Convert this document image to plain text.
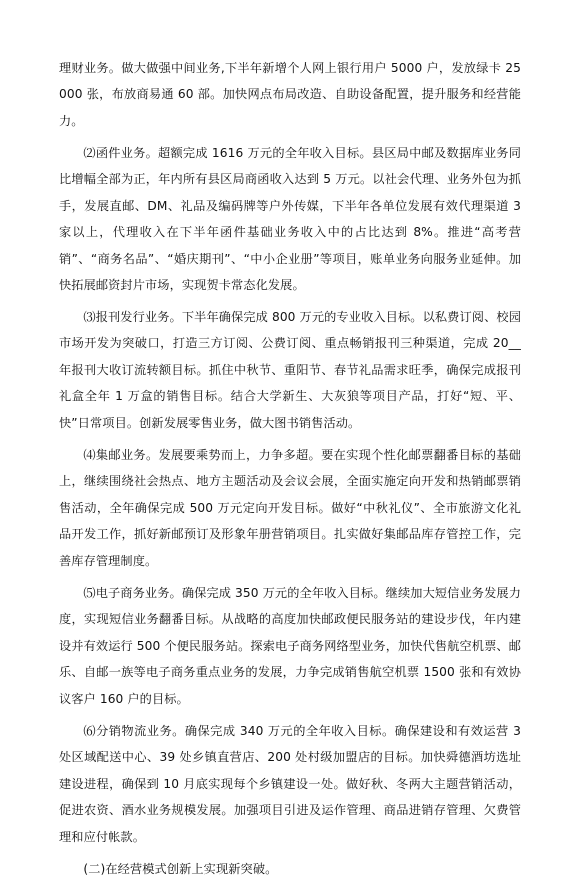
理财业务。做大做强中间业务,下半年新增个人网上银行用户 5000 户，发放绿卡 25000 张，布放商易通 60 部。加快网点布局改造、自助设备配置，提升服务和经营能力。

⑵函件业务。超额完成 1616 万元的全年收入目标。县区局中邮及数据库业务同比增幅全部为正，年内所有县区局商函收入达到 5 万元。以社会代理、业务外包为抓手，发展直邮、DM、礼品及编码牌等户外传媒，下半年各单位发展有效代理渠道 3 家以上，代理收入在下半年函件基础业务收入中的占比达到 8%。推进“高考营销”、“商务名品”、“婚庆期刊”、“中小企业册”等项目，账单业务向服务业延伸。加快拓展邮资封片市场，实现贺卡常态化发展。

⑶报刊发行业务。下半年确保完成 800 万元的专业收入目标。以私费订阅、校园市场开发为突破口，打造三方订阅、公费订阅、重点畅销报刊三种渠道，完成 20__年报刊大收订流转额目标。抓住中秋节、重阳节、春节礼品需求旺季，确保完成报刊礼盒全年 1 万盒的销售目标。结合大学新生、大灰狼等项目产品，打好“短、平、快”日常项目。创新发展零售业务，做大图书销售活动。

⑷集邮业务。发展要乘势而上，力争多超。要在实现个性化邮票翻番目标的基础上，继续围绕社会热点、地方主题活动及会议会展，全面实施定向开发和热销邮票销售活动，全年确保完成 500 万元定向开发目标。做好“中秋礼仪”、全市旅游文化礼品开发工作，抓好新邮预订及形象年册营销项目。扎实做好集邮品库存管控工作，完善库存管理制度。

⑸电子商务业务。确保完成 350 万元的全年收入目标。继续加大短信业务发展力度，实现短信业务翻番目标。从战略的高度加快邮政便民服务站的建设步伐，年内建设并有效运行 500 个便民服务站。探索电子商务网络型业务，加快代售航空机票、邮乐、自邮一族等电子商务重点业务的发展，力争完成销售航空机票 1500 张和有效协议客户 160 户的目标。

⑹分销物流业务。确保完成 340 万元的全年收入目标。确保建设和有效运营 3 处区域配送中心、39 处乡镇直营店、200 处村级加盟店的目标。加快舜德酒坊选址建设进程，确保到 10 月底实现每个乡镇建设一处。做好秋、冬两大主题营销活动，促进农资、酒水业务规模发展。加强项目引进及运作管理、商品进销存管理、欠费管理和应付帐款。

(二)在经营模式创新上实现新突破。
